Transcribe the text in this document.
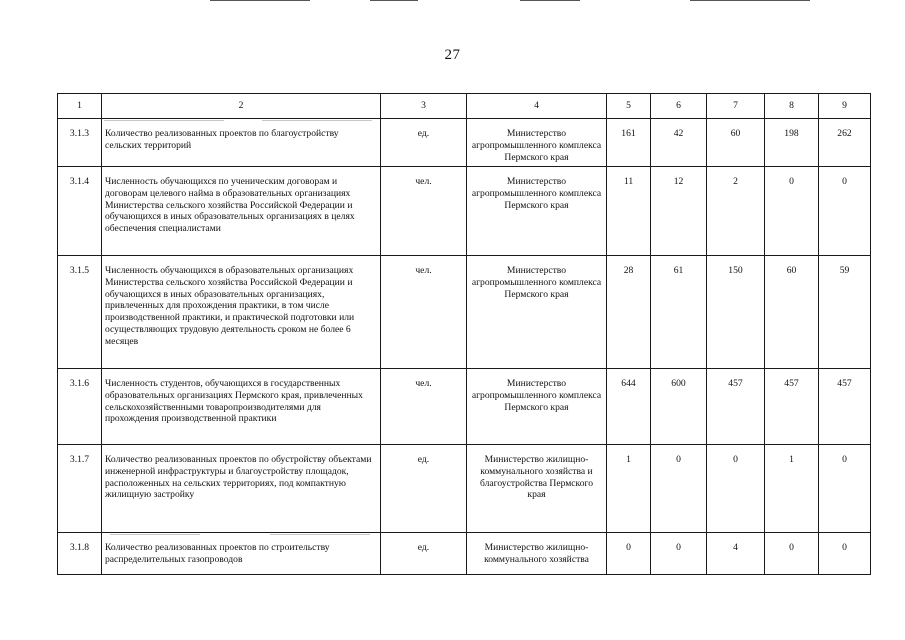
27
1	2	3	4	5	6	7	8	9
3.1.3	Количество реализованных проектов по благоустройству сельских территорий	ед.	Министерство агропромышленного комплекса Пермского края	161	42	60	198	262
3.1.4	Численность обучающихся по ученическим договорам и договорам целевого найма в образовательных организациях Министерства сельского хозяйства Российской Федерации и обучающихся в иных образовательных организациях в целях обеспечения специалистами	чел.	Министерство агропромышленного комплекса Пермского края	11	12	2	0	0
3.1.5	Численность обучающихся в образовательных организациях Министерства сельского хозяйства Российской Федерации и обучающихся в иных образовательных организациях, привлеченных для прохождения практики, в том числе производственной практики, и практической подготовки или осуществляющих трудовую деятельность сроком не более 6 месяцев	чел.	Министерство агропромышленного комплекса Пермского края	28	61	150	60	59
3.1.6	Численность студентов, обучающихся в государственных образовательных организациях Пермского края, привлеченных сельскохозяйственными товаропроизводителями для прохождения производственной практики	чел.	Министерство агропромышленного комплекса Пермского края	644	600	457	457	457
3.1.7	Количество реализованных проектов по обустройству объектами инженерной инфраструктуры и благоустройству площадок, расположенных на сельских территориях, под компактную жилищную застройку	ед.	Министерство жилищно-коммунального хозяйства и благоустройства Пермского края	1	0	0	1	0
3.1.8	Количество реализованных проектов по строительству распределительных газопроводов	ед.	Министерство жилищно-коммунального хозяйства	0	0	4	0	0
